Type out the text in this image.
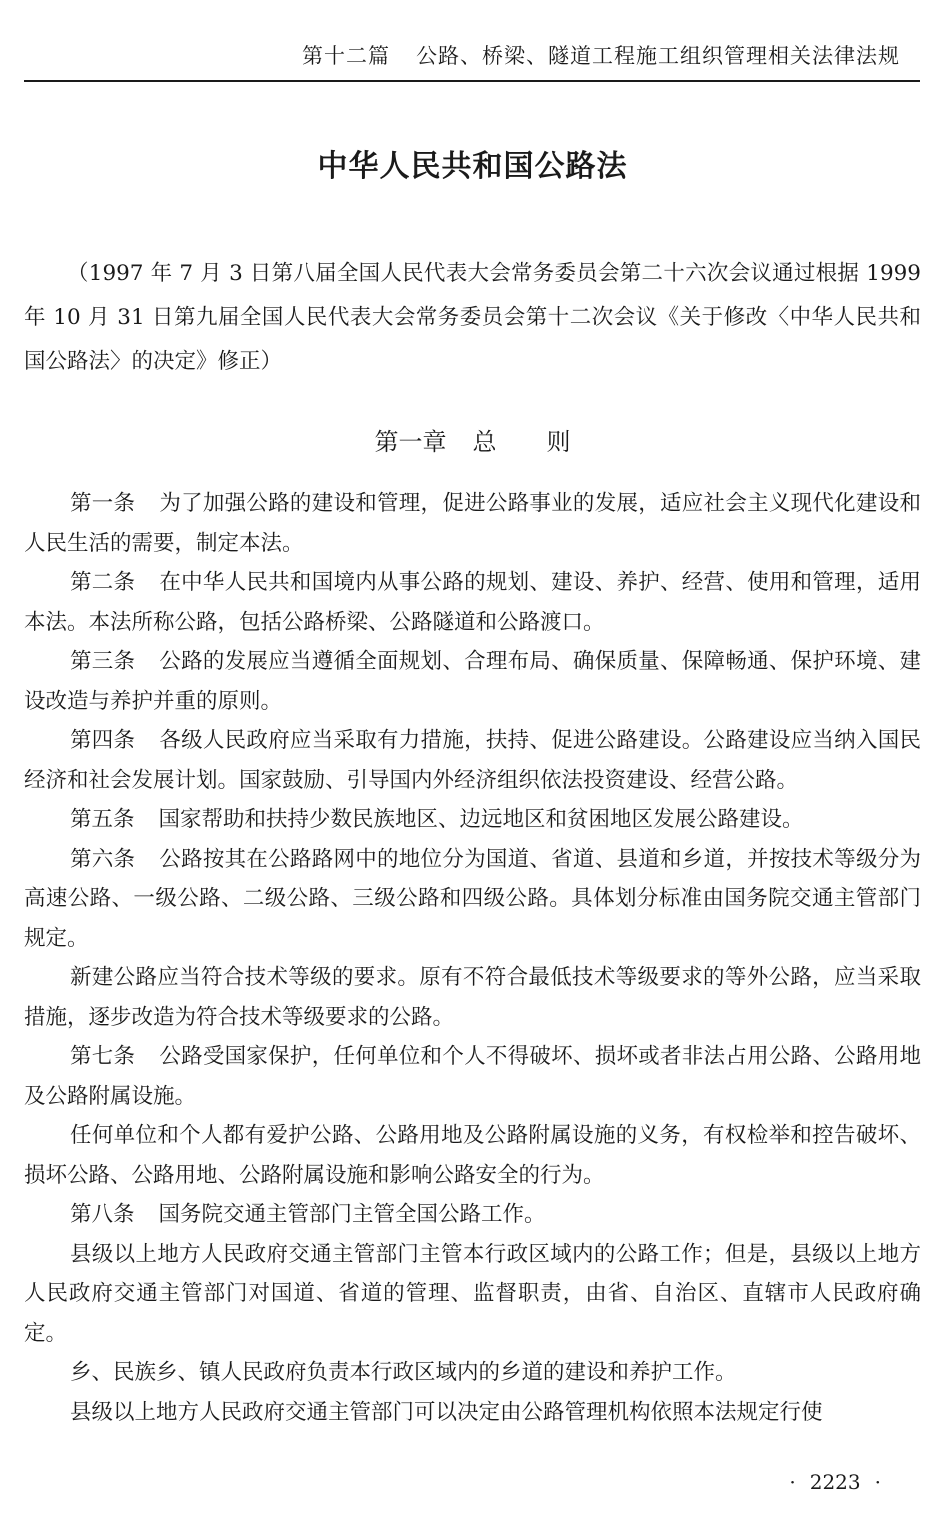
第十二篇 公路、桥梁、隧道工程施工组织管理相关法律法规
中华人民共和国公路法

（1997 年 7 月 3 日第八届全国人民代表大会常务委员会第二十六次会议通过根据 1999 年 10 月 31 日第九届全国人民代表大会常务委员会第十二次会议《关于修改〈中华人民共和国公路法〉的决定》修正）

第一章 总则

第一条 为了加强公路的建设和管理，促进公路事业的发展，适应社会主义现代化建设和人民生活的需要，制定本法。

第二条 在中华人民共和国境内从事公路的规划、建设、养护、经营、使用和管理，适用本法。本法所称公路，包括公路桥梁、公路隧道和公路渡口。

第三条 公路的发展应当遵循全面规划、合理布局、确保质量、保障畅通、保护环境、建设改造与养护并重的原则。

第四条 各级人民政府应当采取有力措施，扶持、促进公路建设。公路建设应当纳入国民经济和社会发展计划。国家鼓励、引导国内外经济组织依法投资建设、经营公路。

第五条 国家帮助和扶持少数民族地区、边远地区和贫困地区发展公路建设。

第六条 公路按其在公路路网中的地位分为国道、省道、县道和乡道，并按技术等级分为高速公路、一级公路、二级公路、三级公路和四级公路。具体划分标准由国务院交通主管部门规定。

新建公路应当符合技术等级的要求。原有不符合最低技术等级要求的等外公路，应当采取措施，逐步改造为符合技术等级要求的公路。

第七条 公路受国家保护，任何单位和个人不得破坏、损坏或者非法占用公路、公路用地及公路附属设施。

任何单位和个人都有爱护公路、公路用地及公路附属设施的义务，有权检举和控告破坏、损坏公路、公路用地、公路附属设施和影响公路安全的行为。

第八条 国务院交通主管部门主管全国公路工作。

县级以上地方人民政府交通主管部门主管本行政区域内的公路工作；但是，县级以上地方人民政府交通主管部门对国道、省道的管理、监督职责，由省、自治区、直辖市人民政府确定。

乡、民族乡、镇人民政府负责本行政区域内的乡道的建设和养护工作。

县级以上地方人民政府交通主管部门可以决定由公路管理机构依照本法规定行使

· 2223 ·
